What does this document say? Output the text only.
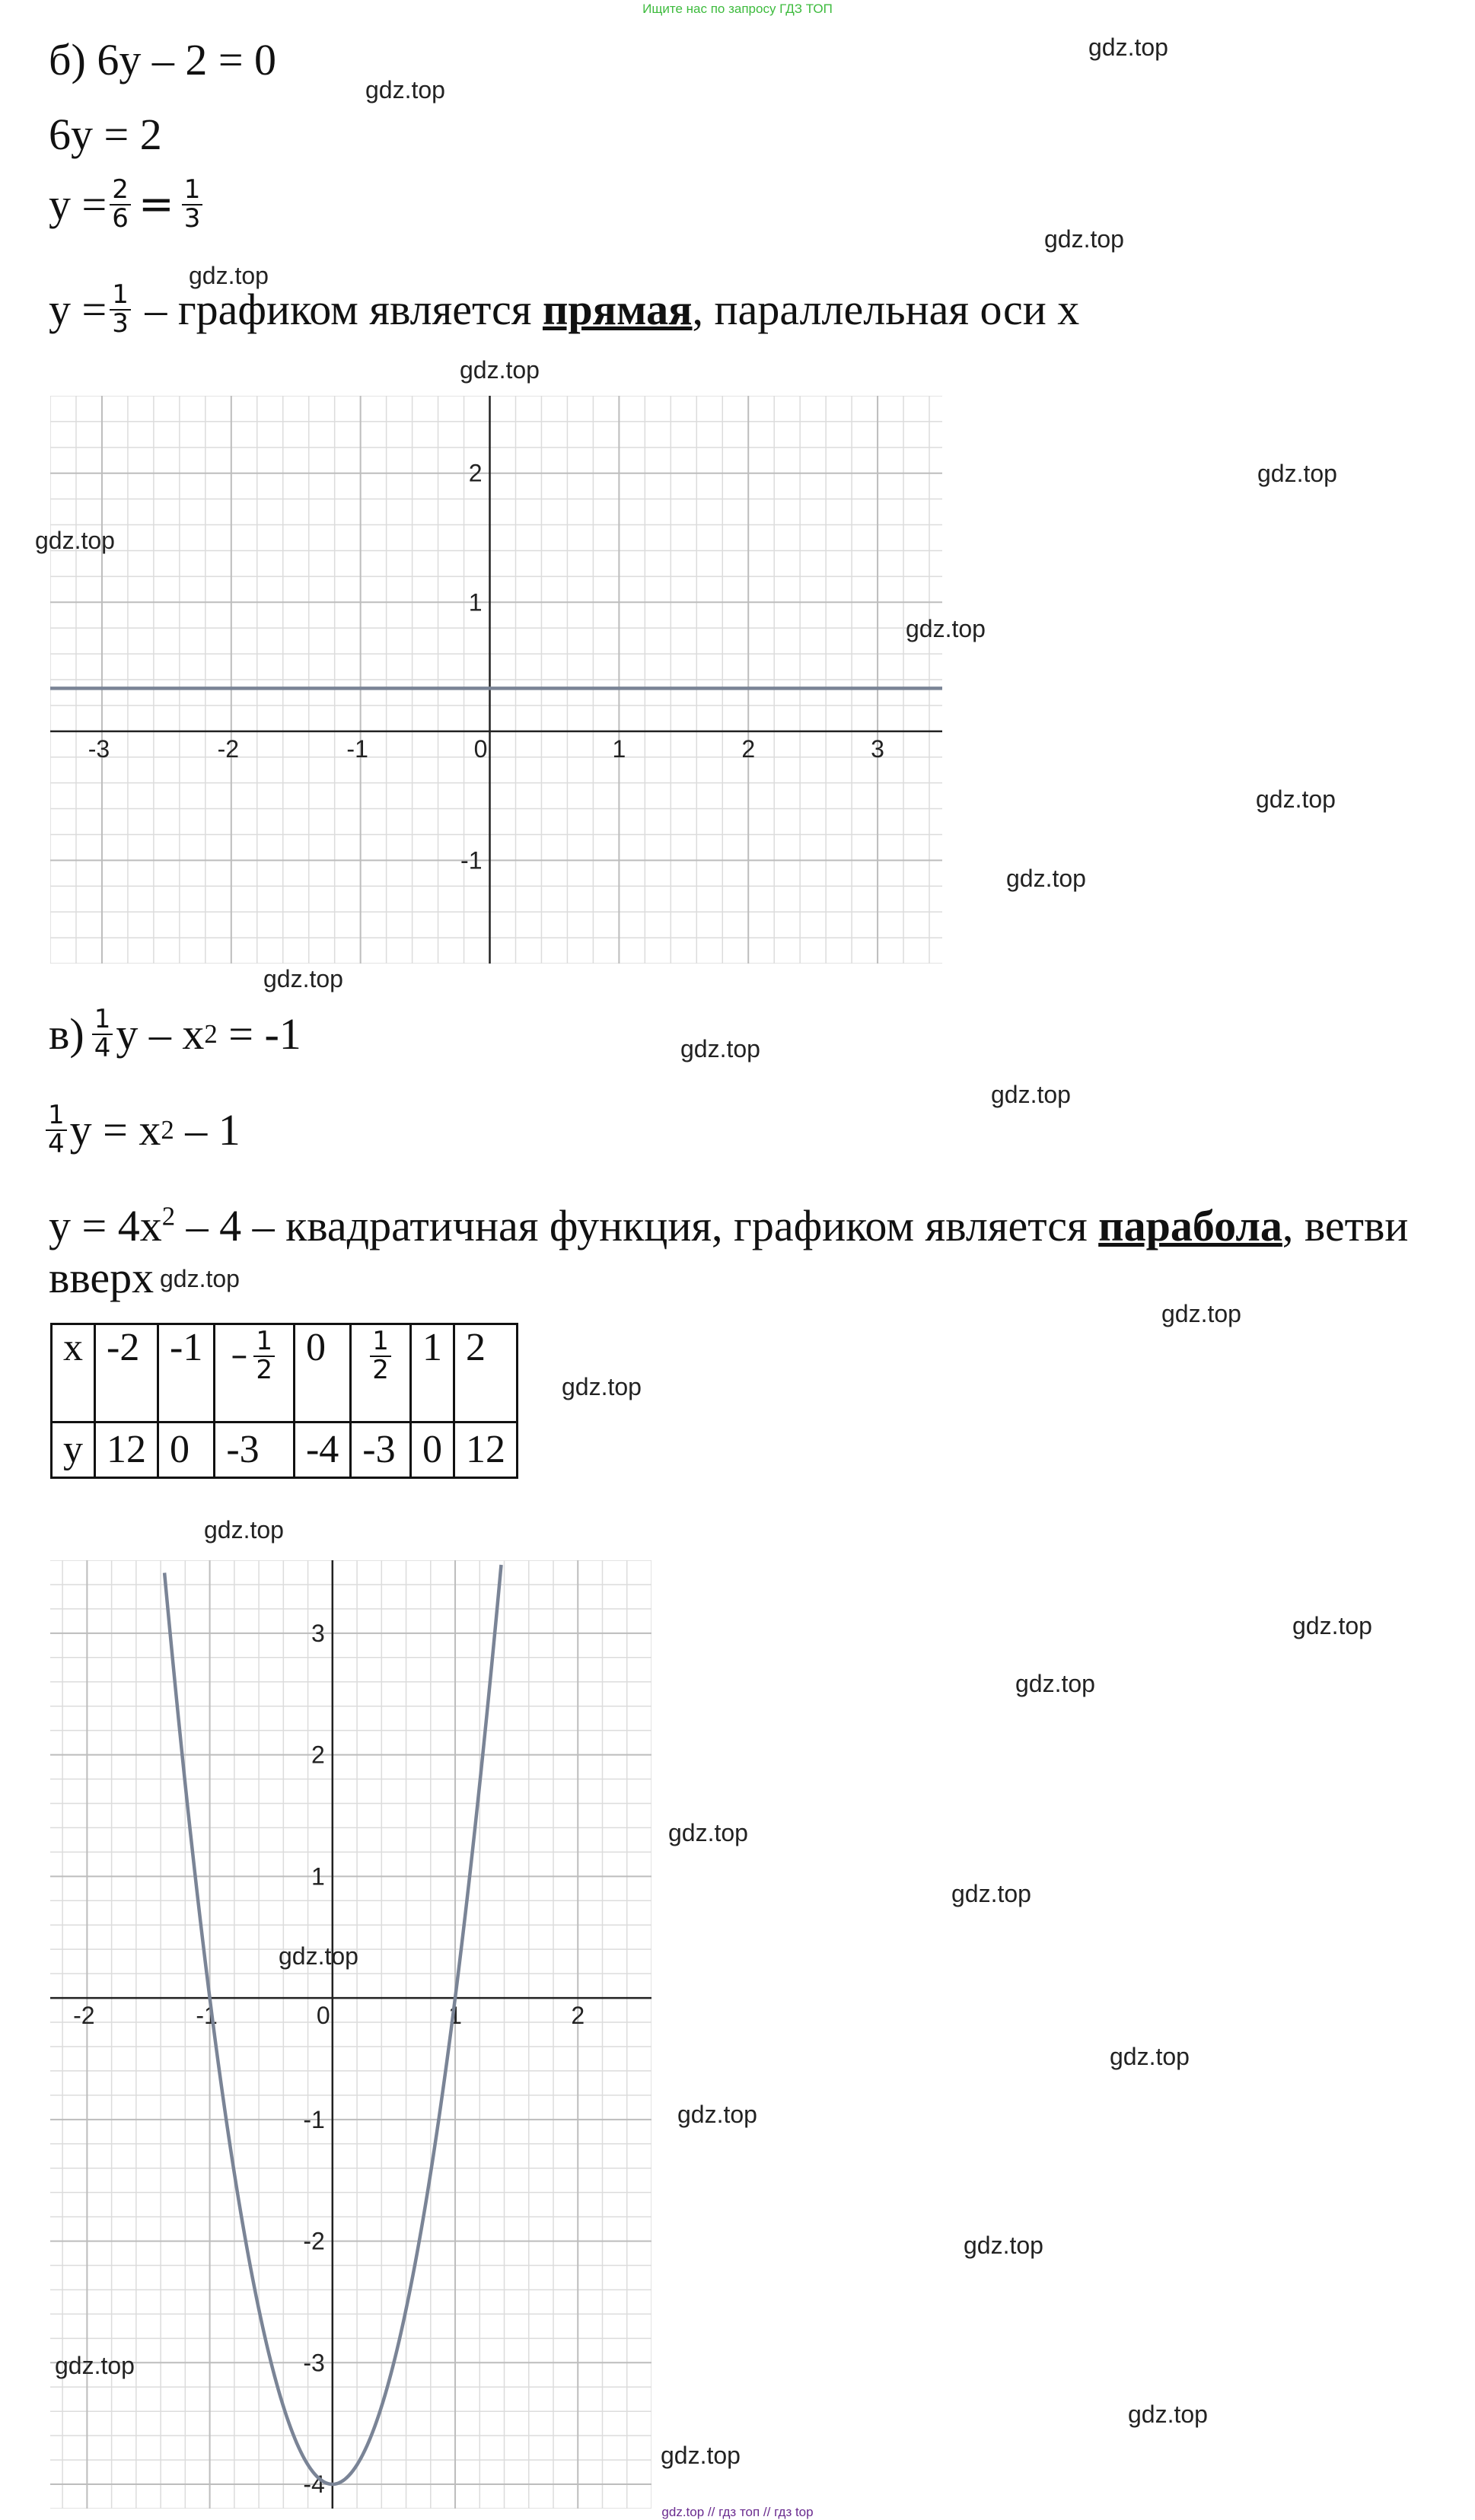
Ищите нас по запросу ГДЗ ТОП
gdz.top // гдз топ // гдз top
б) 6y – 2 = 0
6y = 2
$y = \frac{2}{6} = \frac{1}{3}$
$y = \frac{1}{3}$ – графиком является прямая , параллельная оси x
-3	-2	-1	0	1	2	3
2
1
-1
$в) \frac{1}{4}$ y – x 2 = -1
$\frac{1}{4}$ y = x 2 – 1
$y = 4x^2 - 4$ – квадратичная функция, графиком является парабола, ветви
вверх
x	-2	-1	– $\frac{1}{2}$	0	$\frac{1}{2}$	1	2
y	12	0	-3	-4	-3	0	12
-2	-1	0	1	2
3
2
1
-1
-2
-3
-4
gdz.top
gdz.top
gdz.top
gdz.top
gdz.top
gdz.top
gdz.top
gdz.top
gdz.top
gdz.top
gdz.top
gdz.top
gdz.top
gdz.top
gdz.top
gdz.top
gdz.top
gdz.top
gdz.top
gdz.top
gdz.top
gdz.top
gdz.top
gdz.top
gdz.top
gdz.top
gdz.top
gdz.top
